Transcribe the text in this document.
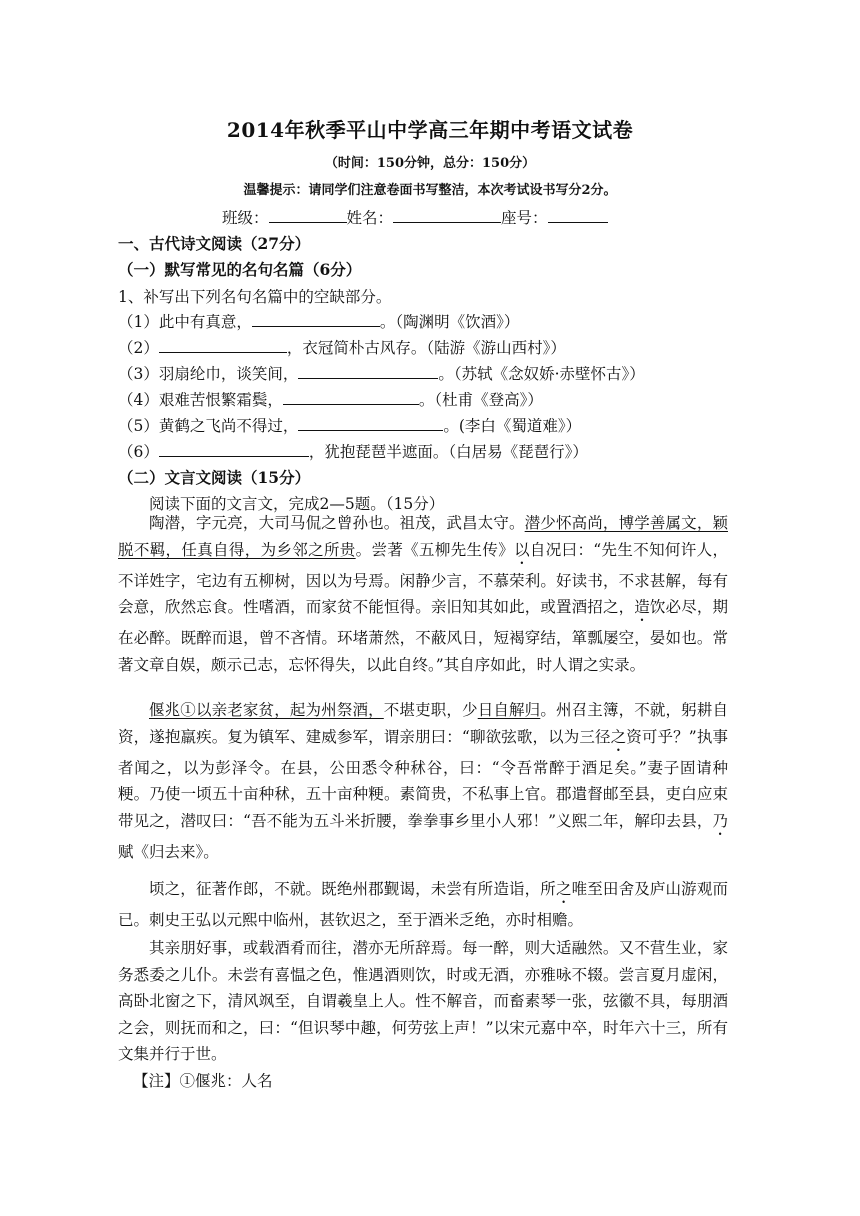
2014年秋季平山中学高三年期中考语文试卷
（时间：150分钟，总分：150分）
温馨提示：请同学们注意卷面书写整洁，本次考试设书写分2分。
班级：	姓名：	座号：
一、古代诗文阅读（27分）
（一）默写常见的名句名篇（6分）
1、补写出下列名句名篇中的空缺部分。
（1）此中有真意，	。（陶渊明《饮酒》）
（2）	，衣冠简朴古风存。（陆游《游山西村》）
（3）羽扇纶巾，谈笑间，	。（苏轼《念奴娇·赤壁怀古》）
（4）艰难苦恨繁霜鬓，	。（杜甫《登高》）
（5）黄鹤之飞尚不得过，	。(李白《蜀道难》）
（6）	，犹抱琵琶半遮面。（白居易《琵琶行》）
（二）文言文阅读（15分）
阅读下面的文言文，完成2—5题。（15分）
陶潜，字元亮，大司马侃之曾孙也。祖茂，武昌太守。潜少怀高尚，博学善属文，颖脱不羁，任真自得，为乡邻之所贵。尝著《五柳先生传》以自况曰：“先生不知何许人，不详姓字，宅边有五柳树，因以为号焉。闲静少言，不慕荣利。好读书，不求甚解，每有会意，欣然忘食。性嗜酒，而家贫不能恒得。亲旧知其如此，或置酒招之，造饮必尽，期在必醉。既醉而退，曾不吝情。环堵萧然，不蔽风日，短褐穿结，箪瓢屡空，晏如也。常著文章自娱，颇示己志，忘怀得失，以此自终。”其自序如此，时人谓之实录。
偃兆①以亲老家贫，起为州祭酒，不堪吏职，少日自解归。州召主簿，不就，躬耕自资，遂抱羸疾。复为镇军、建威参军，谓亲朋曰：“聊欲弦歌，以为三径之资可乎？”执事者闻之，以为彭泽令。在县，公田悉令种秫谷，曰：“令吾常醉于酒足矣。”妻子固请种粳。乃使一顷五十亩种秫，五十亩种粳。素简贵，不私事上官。郡遣督邮至县，吏白应束带见之，潜叹曰：“吾不能为五斗米折腰，拳拳事乡里小人邪！”义熙二年，解印去县，乃赋《归去来》。
顷之，征著作郎，不就。既绝州郡觐谒，未尝有所造诣，所之唯至田舍及庐山游观而已。刺史王弘以元熙中临州，甚钦迟之，至于酒米乏绝，亦时相赡。
其亲朋好事，或载酒肴而往，潜亦无所辞焉。每一醉，则大适融然。又不营生业，家务悉委之儿仆。未尝有喜愠之色，惟遇酒则饮，时或无酒，亦雅咏不辍。尝言夏月虚闲，高卧北窗之下，清风飒至，自谓羲皇上人。性不解音，而畜素琴一张，弦徽不具，每朋酒之会，则抚而和之，曰：“但识琴中趣，何劳弦上声！”以宋元嘉中卒，时年六十三，所有文集并行于世。
【注】①偃兆：人名
